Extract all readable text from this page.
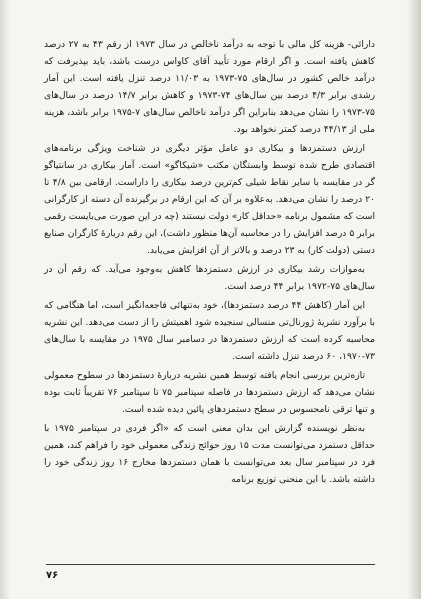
دارائی- هزینه کل مالی با توجه به درآمد ناخالص در سال ۱۹۷۳ از رقم ۴۳ به ۲۷ درصد کاهش یافته است. و اگر ارقام مورد تأیید آقای کاواس درست باشد، باید بپذیرفت که درآمد خالص کشور در سال‌های ۷۵-۱۹۷۳ به ۱۱/۰۳ درصد تنزل یافته است. این آمار رشدی برابر ۴/۳ درصد بین سال‌های ۷۴-۱۹۷۳ و کاهش برابر ۱۴/۷ درصد در سال‌های ۷۵-۱۹۷۳ را نشان می‌دهد بنابراین اگر درآمد ناخالص سال‌های ۷-۱۹۷۵ برابر باشد، هزینه ملی از ۴۴/۱۳ درصد کمتر نخواهد بود.

ارزش دستمزدها و بیکاری دو عامل مؤثر دیگری در شناخت ویژگی برنامه‌های اقتصادی طرح شده توسط وابستگان مکتب «شیکاگو» است. آمار بیکاری در سانتیاگو گر در مقایسه با سایر نقاط شیلی کم‌ترین درصد بیکاری را داراست. ارقامی بین ۴/۸ تا ۲۰ درصد را نشان می‌دهد. به‌علاوه بر آن که این ارقام در برگیرنده آن دسته از کارگرانی است که مشمول برنامه «حداقل کار» دولت نیستند (چه در این صورت می‌بایست رقمی برابر ۵ درصد افزایش را در محاسبه آن‌ها منظور داشت)، این رقم دربارهٔ کارگران صنایع دستی (دولت کار) به ۲۳ درصد و بالاتر از آن افزایش می‌یابد.

به‌موازات رشد بیکاری در ارزش دستمزدها کاهش به‌وجود می‌آید. که رقم آن در سال‌های ۷۵-۱۹۷۲ برابر ۴۴ درصد است.

این آمار (کاهش ۴۴ درصد دستمزدها)، خود به‌تنهائی فاجعه‌انگیز است، اما هنگامی که با برآورد نشریهٔ ژورنال‌تی منسالی سنجیده شود اهمیتش را از دست می‌دهد. این نشریه محاسبه کرده است که ارزش دستمزدها در دسامبر سال ۱۹۷۵ در مقایسه با سال‌های ۷۳-۱۹۷۰، ۶۰ درصد تنزل داشته است.

تازه‌ترین بررسی انجام یافته توسط همین نشریه دربارهٔ دستمزدها در سطوح معمولی نشان می‌دهد که ارزش دستمزدها در فاصله سپتامبر ۷۵ تا سپتامبر ۷۶ تقریباً ثابت بوده و تنها ترقی نامحسوس در سطح دستمزدهای پائین دیده شده است.

به‌نظر نویسنده گزارش این بدان معنی است که «اگر فردی در سپتامبر ۱۹۷۵ با حداقل دستمزد می‌توانست مدت ۱۵ روز حوائج زندگی معمولی خود را فراهم کند، همین فرد در سپتامبر سال بعد می‌توانست با همان دستمزدها مخارج ۱۶ روز زندگی خود را داشته باشد. با این منحنی توزیع برنامه

۷۶
